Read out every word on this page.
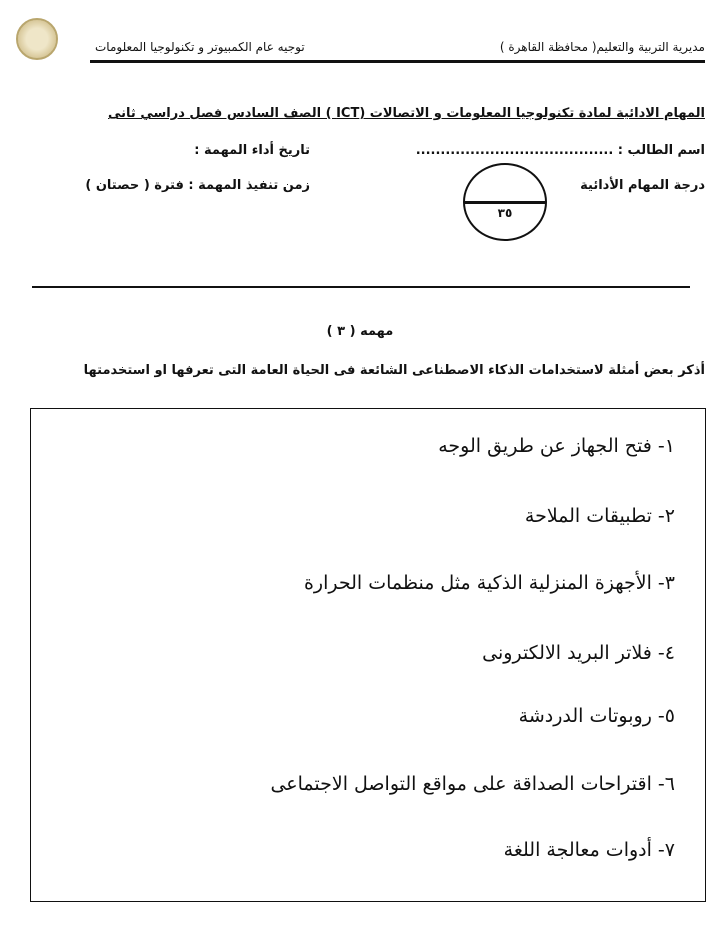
مديرية التربية والتعليم( محافظة القاهرة )
توجيه عام الكمبيوتر و تكنولوجيا المعلومات
المهام الادائية لمادة تكنولوجيا المعلومات و الاتصالات (ICT ) الصف السادس فصل دراسي ثانى
اسم الطالب : ........................................
تاريخ أداء المهمة :
درجة المهام الأدائية
زمن تنفيذ المهمة : فترة ( حصتان )
٣٥
مهمه ( ٣ )
أذكر بعض أمثلة لاستخدامات الذكاء الاصطناعى الشائعة فى الحياة العامة التى تعرفها او استخدمتها
١- فتح الجهاز عن طريق الوجه
٢- تطبيقات الملاحة
٣- الأجهزة المنزلية الذكية مثل منظمات الحرارة
٤- فلاتر البريد الالكترونى
٥- روبوتات الدردشة
٦- اقتراحات الصداقة على مواقع التواصل الاجتماعى
٧- أدوات معالجة اللغة
